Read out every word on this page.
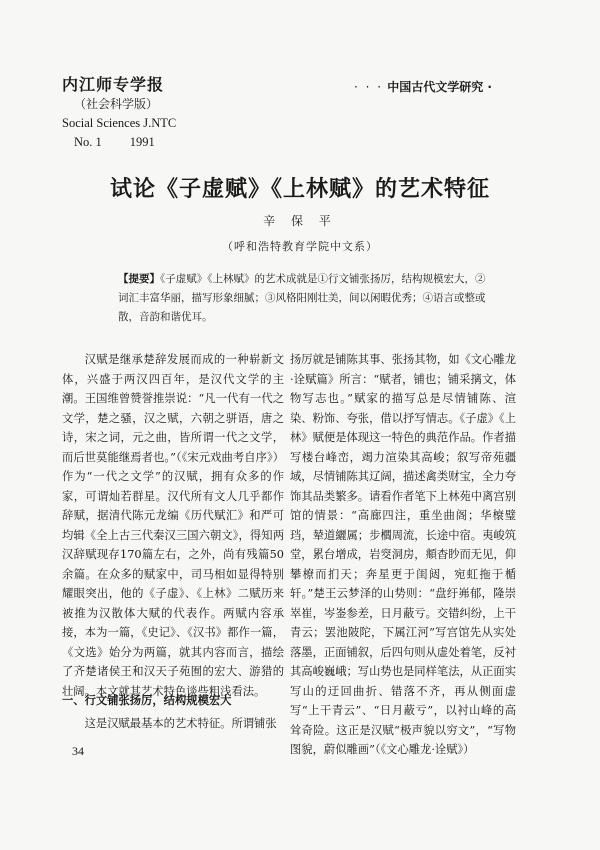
内江师专学报
（社会科学版）
Social Sciences J.NTC
No. 1 1991
· · · 中国古代文学研究 ·
试论《子虚赋》《上林赋》的艺术特征
辛 保 平
（呼和浩特教育学院中文系）
【提要】《子虚赋》《上林赋》的艺术成就是①行文铺张扬厉，结构规模宏大，②词汇丰富华丽，描写形象细腻；③风格阳刚壮美，间以闲暇优秀；④语言或整或散，音韵和谐优耳。

汉赋是继承楚辞发展而成的一种崭新文体，兴盛于两汉四百年，是汉代文学的主潮。王国维曾赞誉推崇说：“凡一代有一代之文学，楚之骚，汉之赋，六朝之骈语，唐之诗，宋之词，元之曲，皆所谓一代之文学，而后世莫能继焉者也。”（《宋元戏曲考自序》）作为“一代之文学”的汉赋，拥有众多的作家，可谓灿若群星。汉代所有文人几乎都作辞赋，据清代陈元龙编《历代赋汇》和严可均辑《全上古三代秦汉三国六朝文》，得知两汉辞赋现存170篇左右，之外，尚有残篇50余篇。在众多的赋家中，司马相如显得特别耀眼突出，他的《子虚》、《上林》二赋历来被推为汉散体大赋的代表作。两赋内容承接，本为一篇，《史记》、《汉书》都作一篇，《文选》始分为两篇，就其内容而言，描绘了齐楚诸侯王和汉天子苑囿的宏大、游猎的壮阔。本文就其艺术特色谈些粗浅看法。

扬厉就是铺陈其事、张扬其物，如《文心雕龙·诠赋篇》所言：“赋者，铺也；铺采摛文，体物写志也。”赋家的描写总是尽情铺陈、渲染、粉饰、夸张，借以抒写情志。《子虚》《上林》赋便是体现这一特色的典范作品。作者描写楼台峰峦，竭力渲染其高峻；叙写帝苑疆域，尽情铺陈其辽阔，描述禽类财宝，全力夸饰其品类繁多。请看作者笔下上林苑中离宫别馆的情景：“高廊四注，重坐曲阁；华榱璧珰，辇道纚属；步櫩周流，长途中宿。夷峻筑堂，累台增成，岩窔洞房，頫杳眇而无见，仰攀橑而扪天；奔星更于闺闼，宛虹拖于楯轩。”楚王云梦泽的山势则：“盘纡岪郁，隆崇崒崔，岑崟参差，日月蔽亏。交错纠纷，上干青云；罢池陂陀，下属江河”写宫馆先从实处落墨，正面铺叙，后四句则从虚处着笔，反衬其高峻巍峨；写山势也是同样笔法，从正面实写山的迂回曲折、错落不齐，再从侧面虚写“上干青云”、“日月蔽亏”，以衬山峰的高耸奇险。这正是汉赋“极声貌以穷文”，“写物图貌，蔚似雕画”（《文心雕龙·诠赋》）

一、行文铺张扬厉，结构规模宏大

这是汉赋最基本的艺术特征。所谓铺张

34
